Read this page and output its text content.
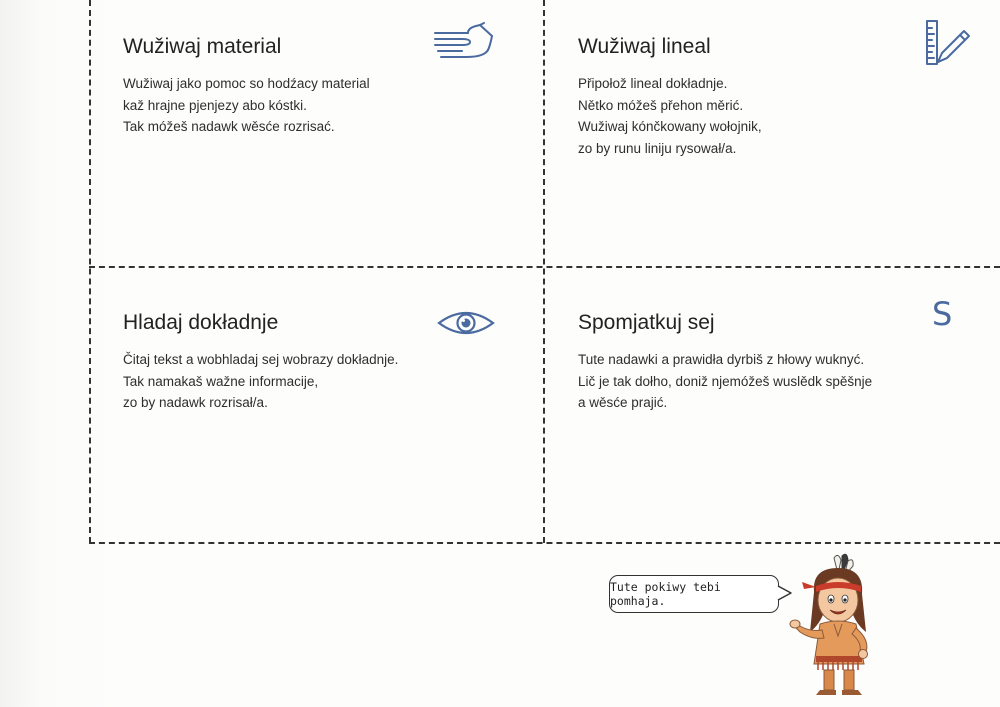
Wužiwaj material
Wužiwaj jako pomoc so hodźacy material
kaž hrajne pjenjezy abo kóstki.
Tak móžeš nadawk wěsće rozrisać.
Wužiwaj lineal
Připołož lineal dokładnje.
Nětko móžeš přehon měrić.
Wužiwaj kónčkowany wołojnik,
zo by runu liniju rysował/a.
Hladaj dokładnje
Čitaj tekst a wobhladaj sej wobrazy dokładnje.
Tak namakaš wažne informacije,
zo by nadawk rozrisał/a.
Spomjatkuj sej
Tute nadawki a prawidła dyrbiš z hłowy wuknyć.
Lič je tak dołho, doniž njemóžeš wuslědk spěšnje
a wěsće prajić.
S
Tute pokiwy tebi pomhaja.
